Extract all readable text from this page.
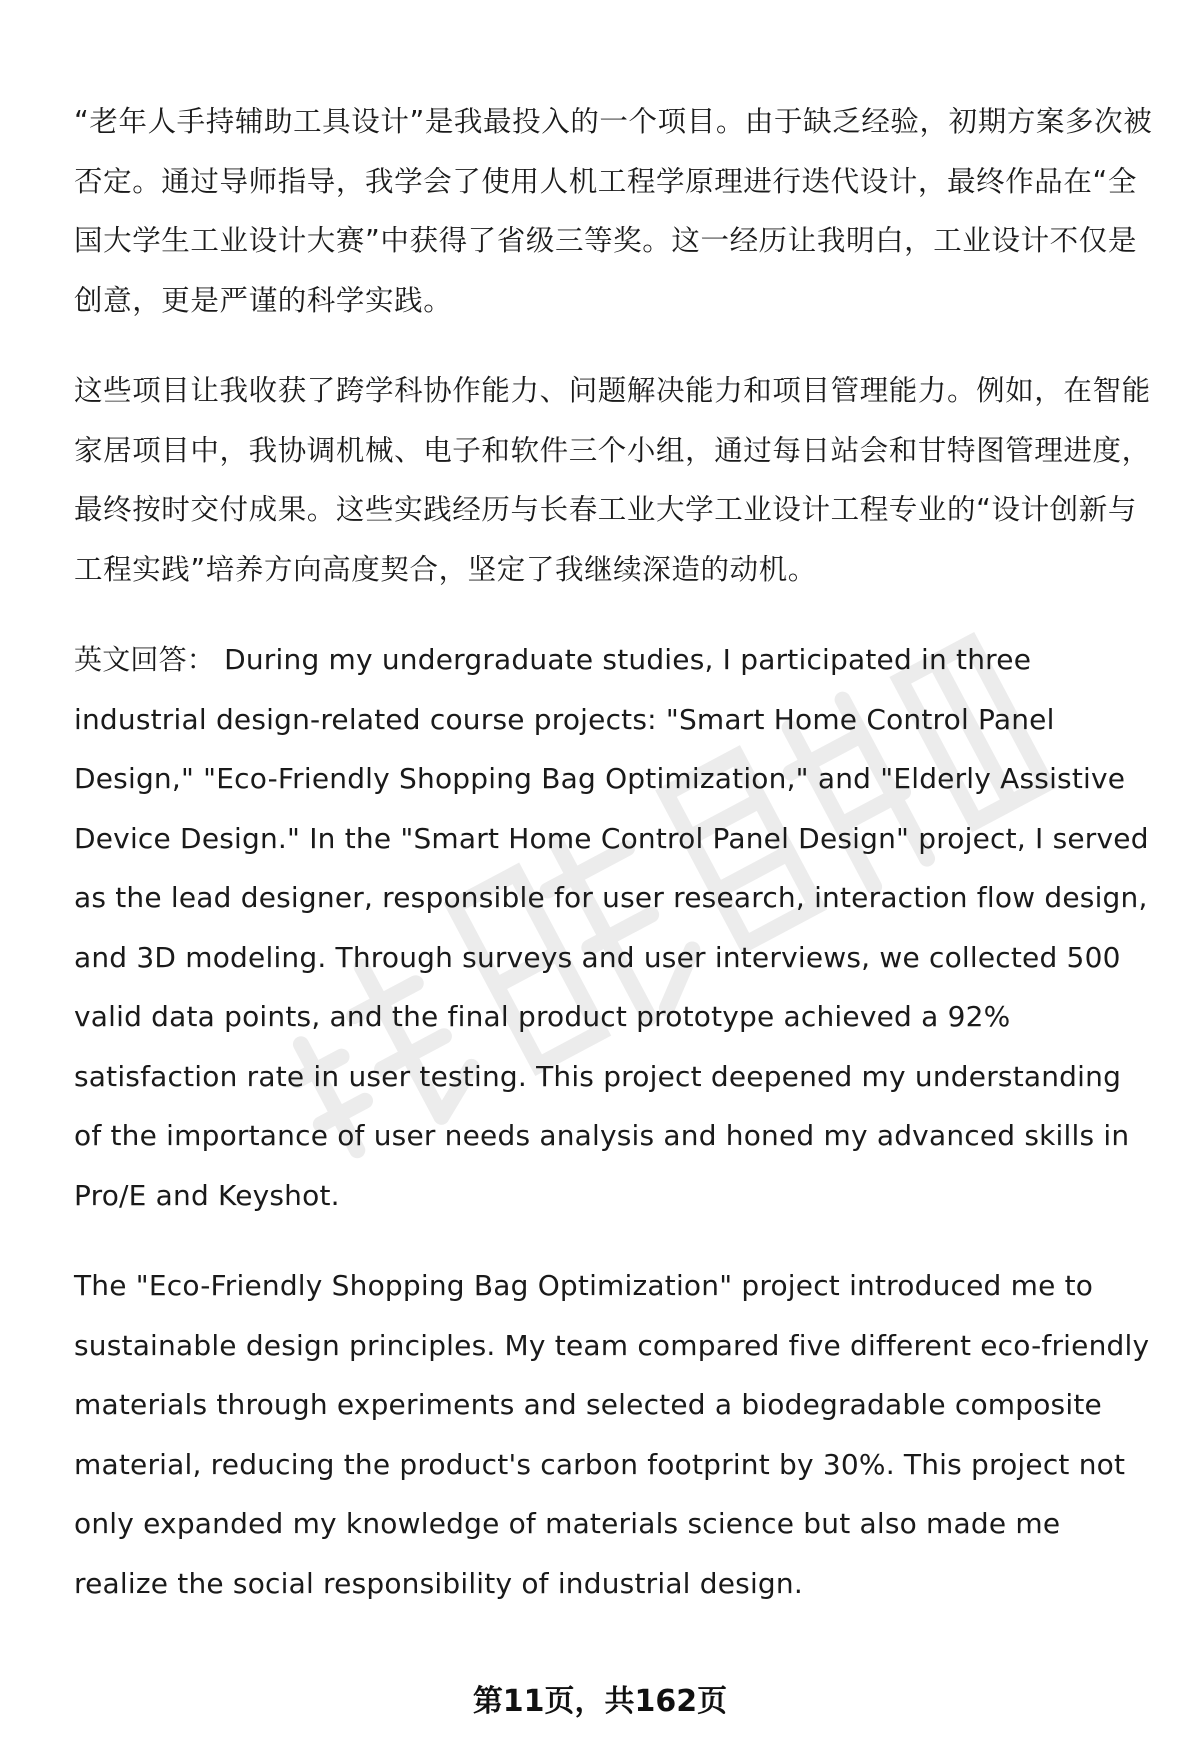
“老年人手持辅助工具设计”是我最投入的一个项目。由于缺乏经验，初期方案多次被否定。通过导师指导，我学会了使用人机工程学原理进行迭代设计，最终作品在“全国大学生工业设计大赛”中获得了省级三等奖。这一经历让我明白，工业设计不仅是创意，更是严谨的科学实践。

这些项目让我收获了跨学科协作能力、问题解决能力和项目管理能力。例如，在智能家居项目中，我协调机械、电子和软件三个小组，通过每日站会和甘特图管理进度，最终按时交付成果。这些实践经历与长春工业大学工业设计工程专业的“设计创新与工程实践”培养方向高度契合，坚定了我继续深造的动机。

英文回答： During my undergraduate studies, I participated in three industrial design-related course projects: "Smart Home Control Panel Design," "Eco-Friendly Shopping Bag Optimization," and "Elderly Assistive Device Design." In the "Smart Home Control Panel Design" project, I served as the lead designer, responsible for user research, interaction flow design, and 3D modeling. Through surveys and user interviews, we collected 500 valid data points, and the final product prototype achieved a 92% satisfaction rate in user testing. This project deepened my understanding of the importance of user needs analysis and honed my advanced skills in Pro/E and Keyshot.

The "Eco-Friendly Shopping Bag Optimization" project introduced me to sustainable design principles. My team compared five different eco-friendly materials through experiments and selected a biodegradable composite material, reducing the product's carbon footprint by 30%. This project not only expanded my knowledge of materials science but also made me realize the social responsibility of industrial design.

第11页，共162页
